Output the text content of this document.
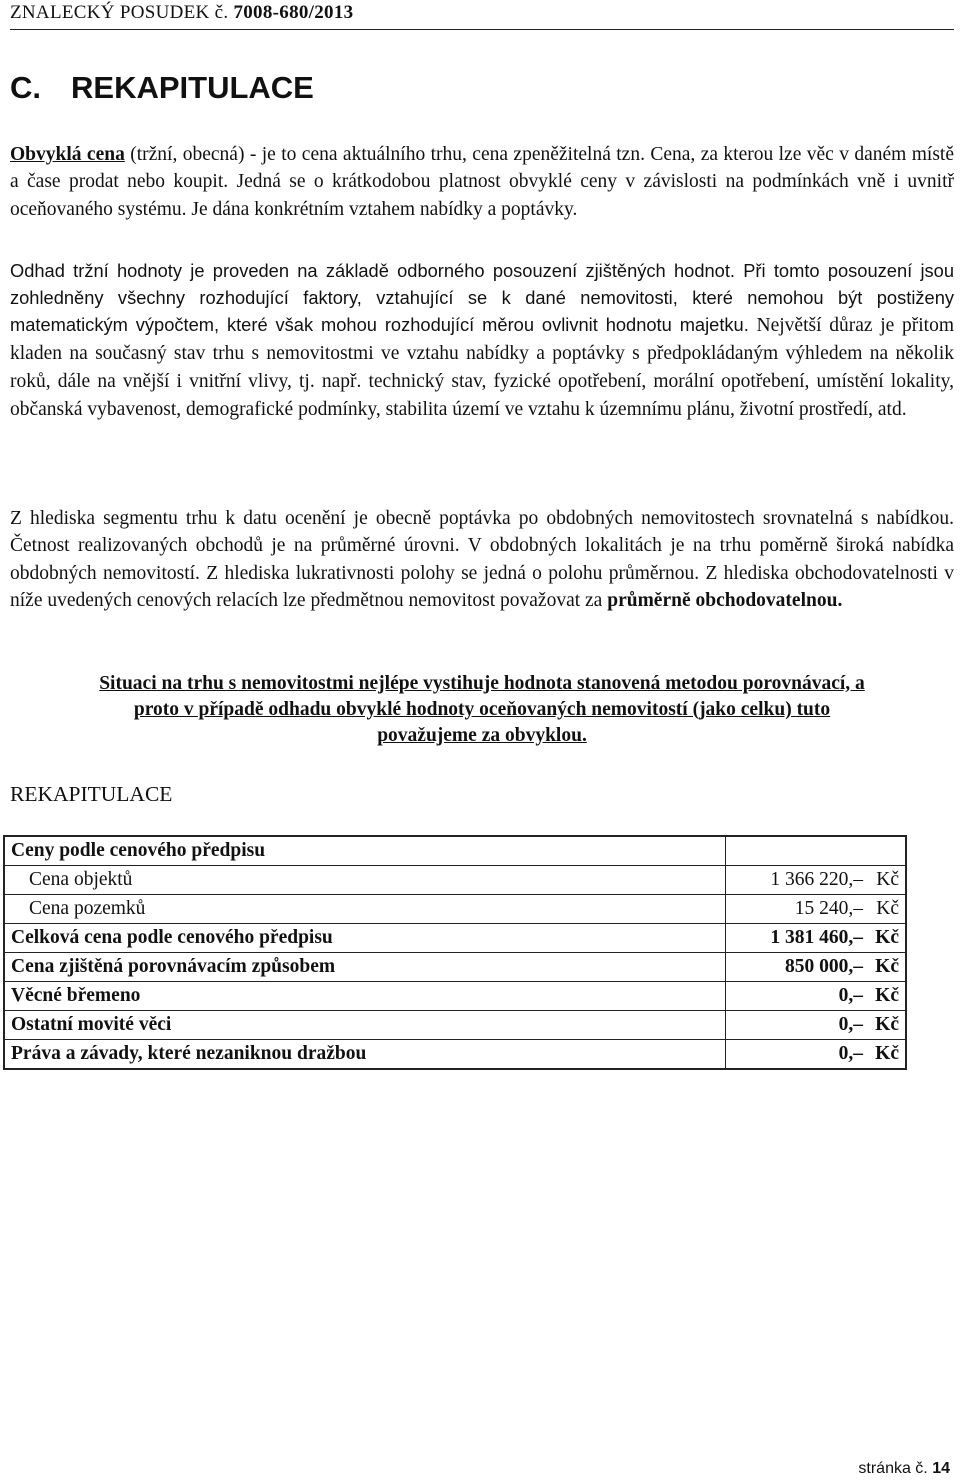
ZNALECKÝ POSUDEK č. 7008-680/2013
C. REKAPITULACE
Obvyklá cena (tržní, obecná) - je to cena aktuálního trhu, cena zpeněžitelná tzn. Cena, za kterou lze věc v daném místě a čase prodat nebo koupit. Jedná se o krátkodobou platnost obvyklé ceny v závislosti na podmínkách vně i uvnitř oceňovaného systému. Je dána konkrétním vztahem nabídky a poptávky.
Odhad tržní hodnoty je proveden na základě odborného posouzení zjištěných hodnot. Při tomto posouzení jsou zohledněny všechny rozhodující faktory, vztahující se k dané nemovitosti, které nemohou být postiženy matematickým výpočtem, které však mohou rozhodující měrou ovlivnit hodnotu majetku. Největší důraz je přitom kladen na současný stav trhu s nemovitostmi ve vztahu nabídky a poptávky s předpokládaným výhledem na několik roků, dále na vnější i vnitřní vlivy, tj. např. technický stav, fyzické opotřebení, morální opotřebení, umístění lokality, občanská vybavenost, demografické podmínky, stabilita území ve vztahu k územnímu plánu, životní prostředí, atd.
Z hlediska segmentu trhu k datu ocenění je obecně poptávka po obdobných nemovitostech srovnatelná s nabídkou. Četnost realizovaných obchodů je na průměrné úrovni. V obdobných lokalitách je na trhu poměrně široká nabídka obdobných nemovitostí. Z hlediska lukrativnosti polohy se jedná o polohu průměrnou. Z hlediska obchodovatelnosti v níže uvedených cenových relacích lze předmětnou nemovitost považovat za průměrně obchodovatelnou.
Situaci na trhu s nemovitostmi nejlépe vystihuje hodnota stanovená metodou porovnávací, a
proto v případě odhadu obvyklé hodnoty oceňovaných nemovitostí (jako celku) tuto
považujeme za obvyklou.
REKAPITULACE
Ceny podle cenového předpisu	
Cena objektů	1 366 220,– Kč
Cena pozemků	15 240,– Kč
Celková cena podle cenového předpisu	1 381 460,– Kč
Cena zjištěná porovnávacím způsobem	850 000,– Kč
Věcné břemeno	0,– Kč
Ostatní movité věci	0,– Kč
Práva a závady, které nezaniknou dražbou	0,– Kč
stránka č. 14
